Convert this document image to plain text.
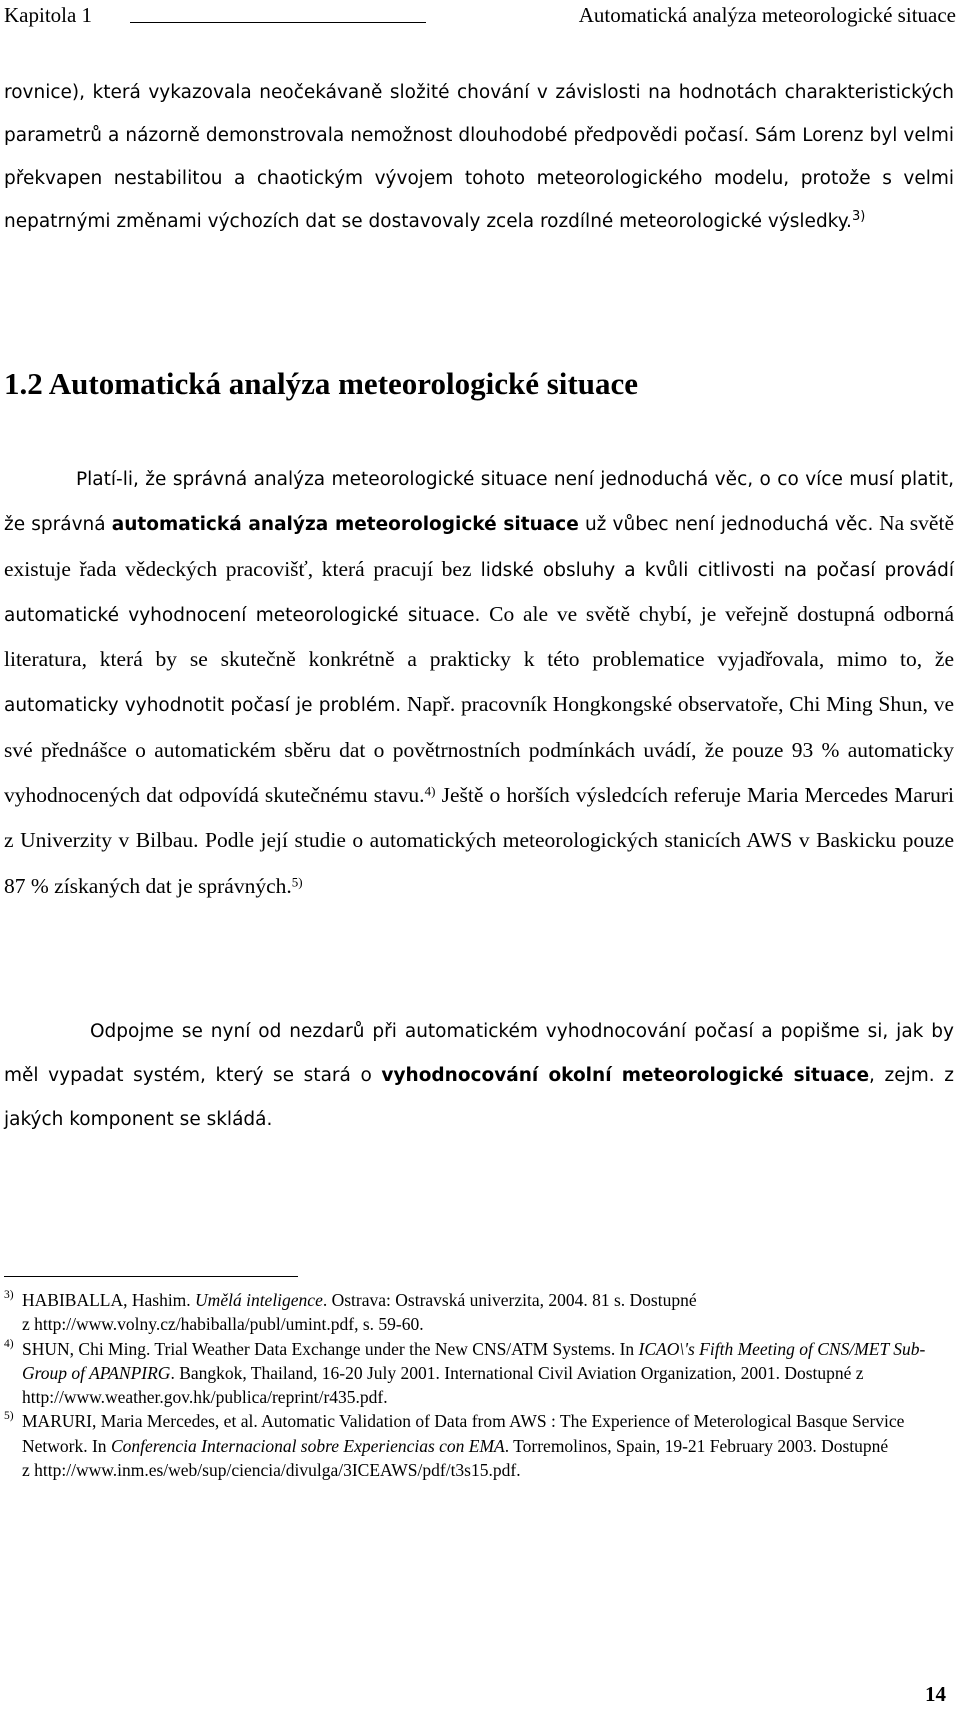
Kapitola 1	Automatická analýza meteorologické situace

rovnice), která vykazovala neočekávaně složité chování v závislosti na hodnotách charakteristických parametrů a názorně demonstrovala nemožnost dlouhodobé předpovědi počasí. Sám Lorenz byl velmi překvapen nestabilitou a chaotickým vývojem tohoto meteorologického modelu, protože s velmi nepatrnými změnami výchozích dat se dostavovaly zcela rozdílné meteorologické výsledky.$^{3)}$

1.2 Automatická analýza meteorologické situace

Platí-li, že správná analýza meteorologické situace není jednoduchá věc, o co více musí platit, že správná automatická analýza meteorologické situace už vůbec není jednoduchá věc. Na světě existuje řada vědeckých pracovišť, která pracují bez lidské obsluhy a kvůli citlivosti na počasí provádí automatické vyhodnocení meteorologické situace. Co ale ve světě chybí, je veřejně dostupná odborná literatura, která by se skutečně konkrétně a prakticky k této problematice vyjadřovala, mimo to, že automaticky vyhodnotit počasí je problém. Např. pracovník Hongkongské observatoře, Chi Ming Shun, ve své přednášce o automatickém sběru dat o povětrnostních podmínkách uvádí, že pouze 93 % automaticky vyhodnocených dat odpovídá skutečnému stavu.$^{4)}$ Ještě o horších výsledcích referuje Maria Mercedes Maruri z Univerzity v Bilbau. Podle její studie o automatických meteorologických stanicích AWS v Baskicku pouze 87 % získaných dat je správných.$^{5)}$

Odpojme se nyní od nezdarů při automatickém vyhodnocování počasí a popišme si, jak by měl vypadat systém, který se stará o vyhodnocování okolní meteorologické situace, zejm. z jakých komponent se skládá.

3) HABIBALLA, Hashim. Umělá inteligence. Ostrava: Ostravská univerzita, 2004. 81 s. Dostupné
z http://www.volny.cz/habiballa/publ/umint.pdf, s. 59-60.

4) SHUN, Chi Ming. Trial Weather Data Exchange under the New CNS/ATM Systems. In ICAO\'s Fifth Meeting of CNS/MET Sub-Group of APANPIRG. Bangkok, Thailand, 16-20 July 2001. International Civil Aviation Organization, 2001. Dostupné z http://www.weather.gov.hk/publica/reprint/r435.pdf.

5) MARURI, Maria Mercedes, et al. Automatic Validation of Data from AWS : The Experience of Meterological Basque Service Network. In Conferencia Internacional sobre Experiencias con EMA. Torremolinos, Spain, 19-21 February 2003. Dostupné
z http://www.inm.es/web/sup/ciencia/divulga/3ICEAWS/pdf/t3s15.pdf.

14
